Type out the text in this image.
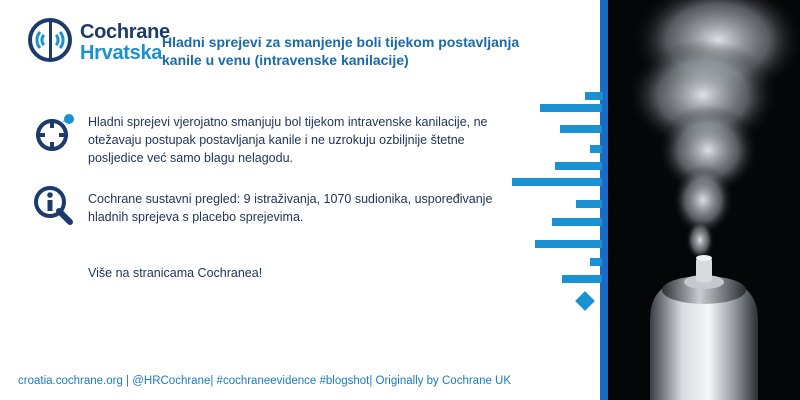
Cochrane
Hrvatska Hladni sprejevi za smanjenje boli tijekom postavljanja kanile u venu (intravenske kanilacije)
Hladni sprejevi vjerojatno smanjuju bol tijekom intravenske kanilacije, ne otežavaju postupak postavljanja kanile i ne uzrokuju ozbiljnije štetne posljedice već samo blagu nelagodu.
Cochrane sustavni pregled: 9 istraživanja, 1070 sudionika, uspoređivanje hladnih sprejeva s placebo sprejevima.
Više na stranicama Cochranea!
croatia.cochrane.org | @HRCochrane| #cochraneevidence #blogshot| Originally by Cochrane UK
